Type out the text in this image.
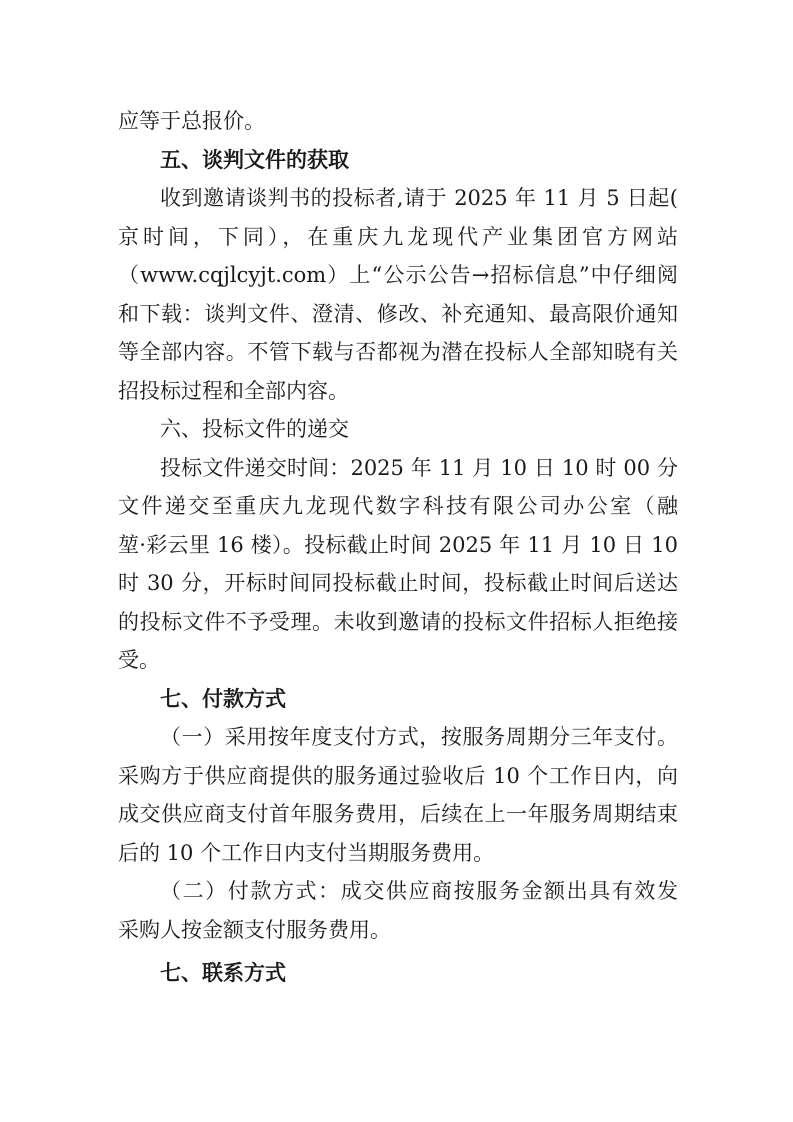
应等于总报价。
五、谈判文件的获取
收到邀请谈判书的投标者,请于 2025 年 11 月 5 日起(
京时间，下同），在重庆九龙现代产业集团官方网站
（www.cqjlcyjt.com）上“公示公告→招标信息”中仔细阅
和下载：谈判文件、澄清、修改、补充通知、最高限价通知
等全部内容。不管下载与否都视为潜在投标人全部知晓有关
招投标过程和全部内容。
六、投标文件的递交
投标文件递交时间：2025 年 11 月 10 日 10 时 00 分
文件递交至重庆九龙现代数字科技有限公司办公室（融
堃·彩云里 16 楼）。投标截止时间 2025 年 11 月 10 日 10
时 30 分，开标时间同投标截止时间，投标截止时间后送达
的投标文件不予受理。未收到邀请的投标文件招标人拒绝接
受。
七、付款方式
（一）采用按年度支付方式，按服务周期分三年支付。
采购方于供应商提供的服务通过验收后 10 个工作日内，向
成交供应商支付首年服务费用，后续在上一年服务周期结束
后的 10 个工作日内支付当期服务费用。
（二）付款方式：成交供应商按服务金额出具有效发
采购人按金额支付服务费用。
七、联系方式
